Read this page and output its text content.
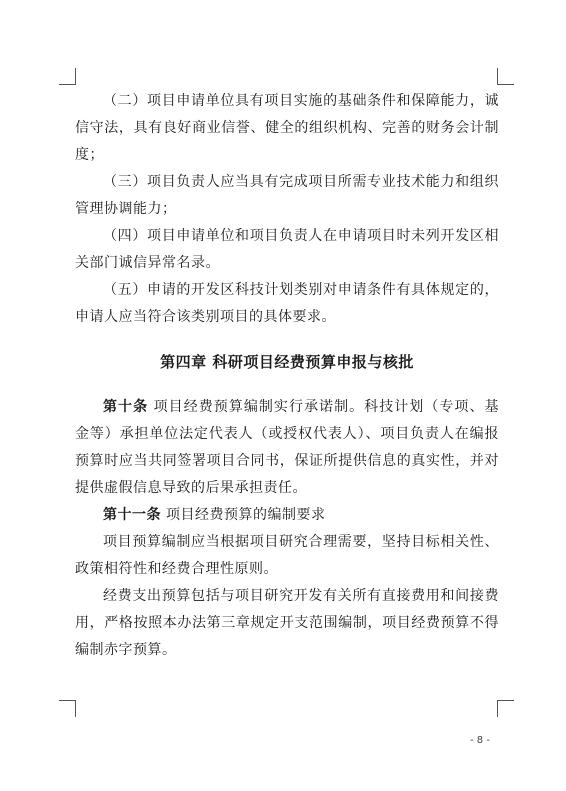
（二）项目申请单位具有项目实施的基础条件和保障能力，诚信守法，具有良好商业信誉、健全的组织机构、完善的财务会计制度；

（三）项目负责人应当具有完成项目所需专业技术能力和组织管理协调能力；

（四）项目申请单位和项目负责人在申请项目时未列开发区相关部门诚信异常名录。

（五）申请的开发区科技计划类别对申请条件有具体规定的，申请人应当符合该类别项目的具体要求。

第四章 科研项目经费预算申报与核批

第十条 项目经费预算编制实行承诺制。科技计划（专项、基金等）承担单位法定代表人（或授权代表人）、项目负责人在编报预算时应当共同签署项目合同书，保证所提供信息的真实性，并对提供虚假信息导致的后果承担责任。

第十一条 项目经费预算的编制要求

项目预算编制应当根据项目研究合理需要，坚持目标相关性、政策相符性和经费合理性原则。

经费支出预算包括与项目研究开发有关所有直接费用和间接费用，严格按照本办法第三章规定开支范围编制，项目经费预算不得编制赤字预算。

- 8 -
